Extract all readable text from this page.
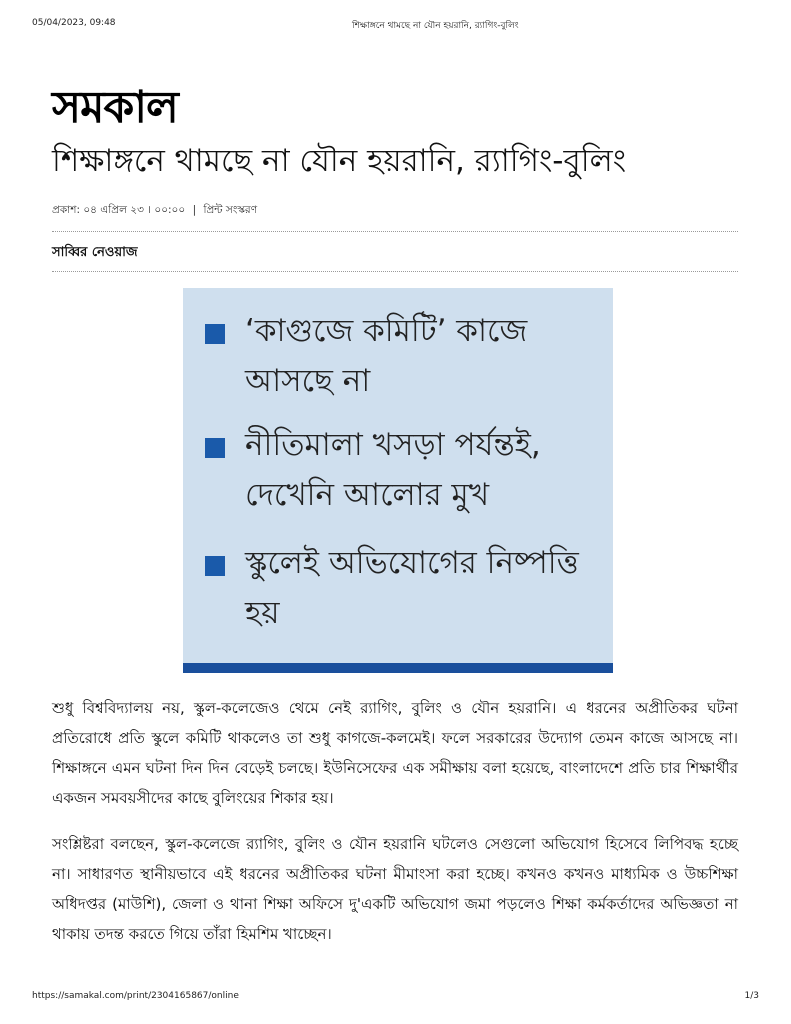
05/04/2023, 09:48	শিক্ষাঙ্গনে থামছে না যৌন হয়রানি, র‍্যাগিং-বুলিং
সমকাল
শিক্ষাঙ্গনে থামছে না যৌন হয়রানি, র‍্যাগিং-বুলিং
প্রকাশ: ০৪ এপ্রিল ২৩ । ০০:০০ | প্রিন্ট সংস্করণ
সাব্বির নেওয়াজ
‘কাগুজে কমিটি’ কাজে আসছে না
নীতিমালা খসড়া পর্যন্তই, দেখেনি আলোর মুখ
স্কুলেই অভিযোগের নিষ্পত্তি হয়

শুধু বিশ্ববিদ্যালয় নয়, স্কুল-কলেজেও থেমে নেই র‍্যাগিং, বুলিং ও যৌন হয়রানি। এ ধরনের অপ্রীতিকর ঘটনা প্রতিরোধে প্রতি স্কুলে কমিটি থাকলেও তা শুধু কাগজে-কলমেই। ফলে সরকারের উদ্যোগ তেমন কাজে আসছে না। শিক্ষাঙ্গনে এমন ঘটনা দিন দিন বেড়েই চলছে। ইউনিসেফের এক সমীক্ষায় বলা হয়েছে, বাংলাদেশে প্রতি চার শিক্ষার্থীর একজন সমবয়সীদের কাছে বুলিংয়ের শিকার হয়।

সংশ্লিষ্টরা বলছেন, স্কুল-কলেজে র‍্যাগিং, বুলিং ও যৌন হয়রানি ঘটলেও সেগুলো অভিযোগ হিসেবে লিপিবদ্ধ হচ্ছে না। সাধারণত স্থানীয়ভাবে এই ধরনের অপ্রীতিকর ঘটনা মীমাংসা করা হচ্ছে। কখনও কখনও মাধ্যমিক ও উচ্চশিক্ষা অধিদপ্তর (মাউশি), জেলা ও থানা শিক্ষা অফিসে দু'একটি অভিযোগ জমা পড়লেও শিক্ষা কর্মকর্তাদের অভিজ্ঞতা না থাকায় তদন্ত করতে গিয়ে তাঁরা হিমশিম খাচ্ছেন।

https://samakal.com/print/2304165867/online	1/3
